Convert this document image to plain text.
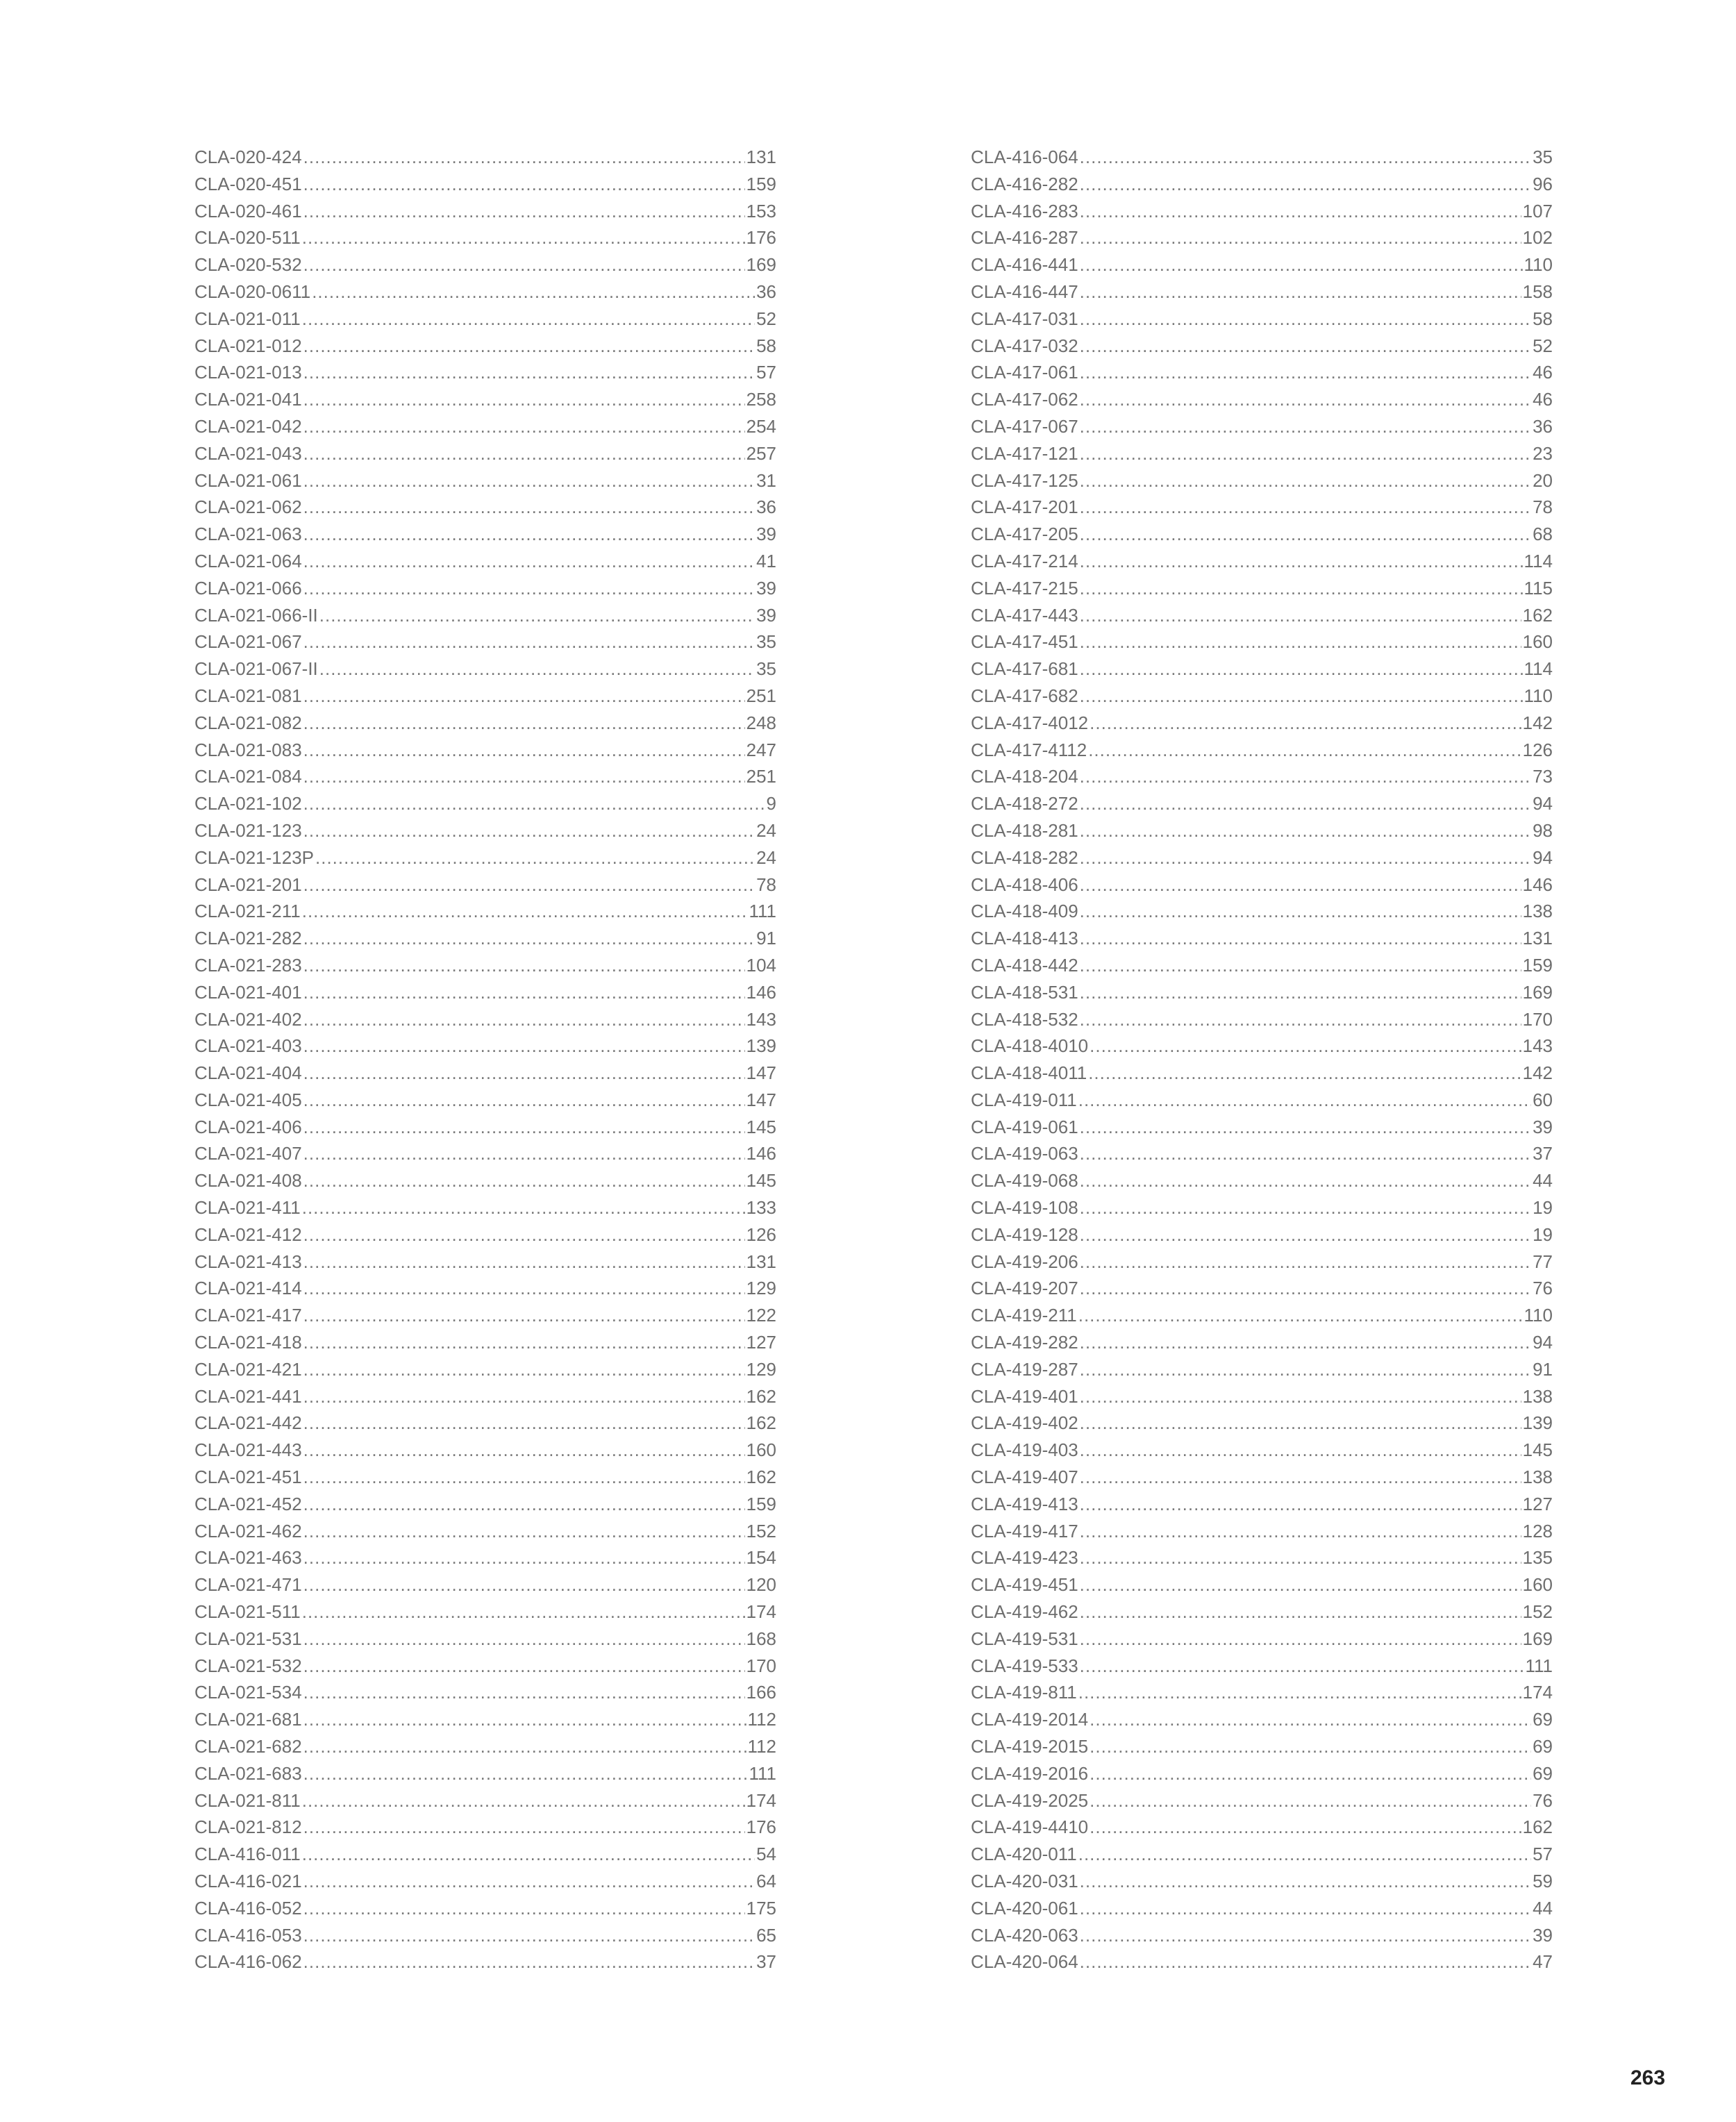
CLA-020-424 .....	131
CLA-020-451 .....	159
CLA-020-461 .....	153
CLA-020-511 .....	176
CLA-020-532 .....	169
CLA-020-0611 .....	36
CLA-021-011 .....	52
CLA-021-012 .....	58
CLA-021-013 .....	57
CLA-021-041 .....	258
CLA-021-042 .....	254
CLA-021-043 .....	257
CLA-021-061 .....	31
CLA-021-062 .....	36
CLA-021-063 .....	39
CLA-021-064 .....	41
CLA-021-066 .....	39
CLA-021-066-II .....	39
CLA-021-067 .....	35
CLA-021-067-II .....	35
CLA-021-081 .....	251
CLA-021-082 .....	248
CLA-021-083 .....	247
CLA-021-084 .....	251
CLA-021-102 .....	9
CLA-021-123 .....	24
CLA-021-123P .....	24
CLA-021-201 .....	78
CLA-021-211 .....	111
CLA-021-282 .....	91
CLA-021-283 .....	104
CLA-021-401 .....	146
CLA-021-402 .....	143
CLA-021-403 .....	139
CLA-021-404 .....	147
CLA-021-405 .....	147
CLA-021-406 .....	145
CLA-021-407 .....	146
CLA-021-408 .....	145
CLA-021-411 .....	133
CLA-021-412 .....	126
CLA-021-413 .....	131
CLA-021-414 .....	129
CLA-021-417 .....	122
CLA-021-418 .....	127
CLA-021-421 .....	129
CLA-021-441 .....	162
CLA-021-442 .....	162
CLA-021-443 .....	160
CLA-021-451 .....	162
CLA-021-452 .....	159
CLA-021-462 .....	152
CLA-021-463 .....	154
CLA-021-471 .....	120
CLA-021-511 .....	174
CLA-021-531 .....	168
CLA-021-532 .....	170
CLA-021-534 .....	166
CLA-021-681 .....	112
CLA-021-682 .....	112
CLA-021-683 .....	111
CLA-021-811 .....	174
CLA-021-812 .....	176
CLA-416-011 .....	54
CLA-416-021 .....	64
CLA-416-052 .....	175
CLA-416-053 .....	65
CLA-416-062 .....	37
CLA-416-064 .....	35
CLA-416-282 .....	96
CLA-416-283 .....	107
CLA-416-287 .....	102
CLA-416-441 .....	110
CLA-416-447 .....	158
CLA-417-031 .....	58
CLA-417-032 .....	52
CLA-417-061 .....	46
CLA-417-062 .....	46
CLA-417-067 .....	36
CLA-417-121 .....	23
CLA-417-125 .....	20
CLA-417-201 .....	78
CLA-417-205 .....	68
CLA-417-214 .....	114
CLA-417-215 .....	115
CLA-417-443 .....	162
CLA-417-451 .....	160
CLA-417-681 .....	114
CLA-417-682 .....	110
CLA-417-4012 .....	142
CLA-417-4112 .....	126
CLA-418-204 .....	73
CLA-418-272 .....	94
CLA-418-281 .....	98
CLA-418-282 .....	94
CLA-418-406 .....	146
CLA-418-409 .....	138
CLA-418-413 .....	131
CLA-418-442 .....	159
CLA-418-531 .....	169
CLA-418-532 .....	170
CLA-418-4010 .....	143
CLA-418-4011 .....	142
CLA-419-011 .....	60
CLA-419-061 .....	39
CLA-419-063 .....	37
CLA-419-068 .....	44
CLA-419-108 .....	19
CLA-419-128 .....	19
CLA-419-206 .....	77
CLA-419-207 .....	76
CLA-419-211 .....	110
CLA-419-282 .....	94
CLA-419-287 .....	91
CLA-419-401 .....	138
CLA-419-402 .....	139
CLA-419-403 .....	145
CLA-419-407 .....	138
CLA-419-413 .....	127
CLA-419-417 .....	128
CLA-419-423 .....	135
CLA-419-451 .....	160
CLA-419-462 .....	152
CLA-419-531 .....	169
CLA-419-533 .....	111
CLA-419-811 .....	174
CLA-419-2014 .....	69
CLA-419-2015 .....	69
CLA-419-2016 .....	69
CLA-419-2025 .....	76
CLA-419-4410 .....	162
CLA-420-011 .....	57
CLA-420-031 .....	59
CLA-420-061 .....	44
CLA-420-063 .....	39
CLA-420-064 .....	47
263
